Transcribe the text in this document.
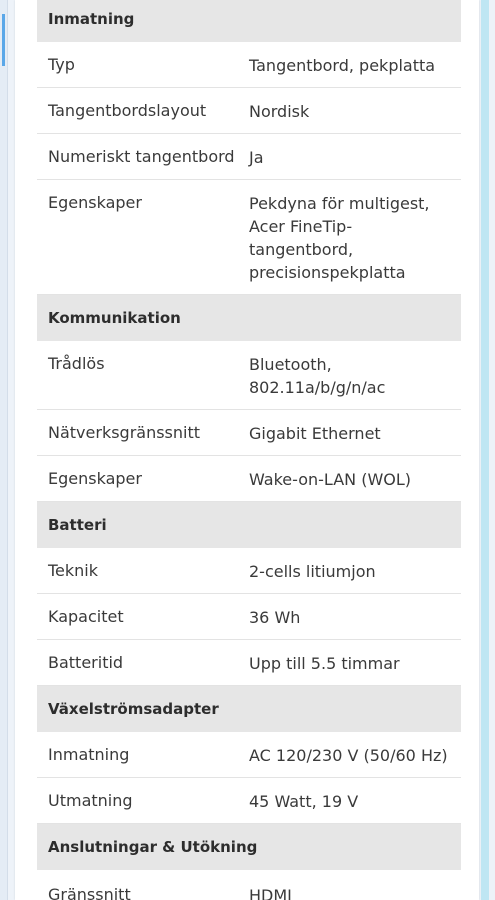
Inmatning
Typ	Tangentbord, pekplatta
Tangentbordslayout	Nordisk
Numeriskt tangentbord Ja
Egenskaper	Pekdyna för multigest,
Acer FineTip-
tangentbord,
precisionspekplatta
Kommunikation
Trådlös	Bluetooth,
802.11a/b/g/n/ac
Nätverksgränssnitt	Gigabit Ethernet
Egenskaper	Wake-on-LAN (WOL)
Batteri
Teknik	2-cells litiumjon
Kapacitet	36 Wh
Batteritid	Upp till 5.5 timmar
Växelströmsadapter
Inmatning	AC 120/230 V (50/60 Hz)
Utmatning	45 Watt, 19 V
Anslutningar & Utökning
Gränssnitt	HDMI
